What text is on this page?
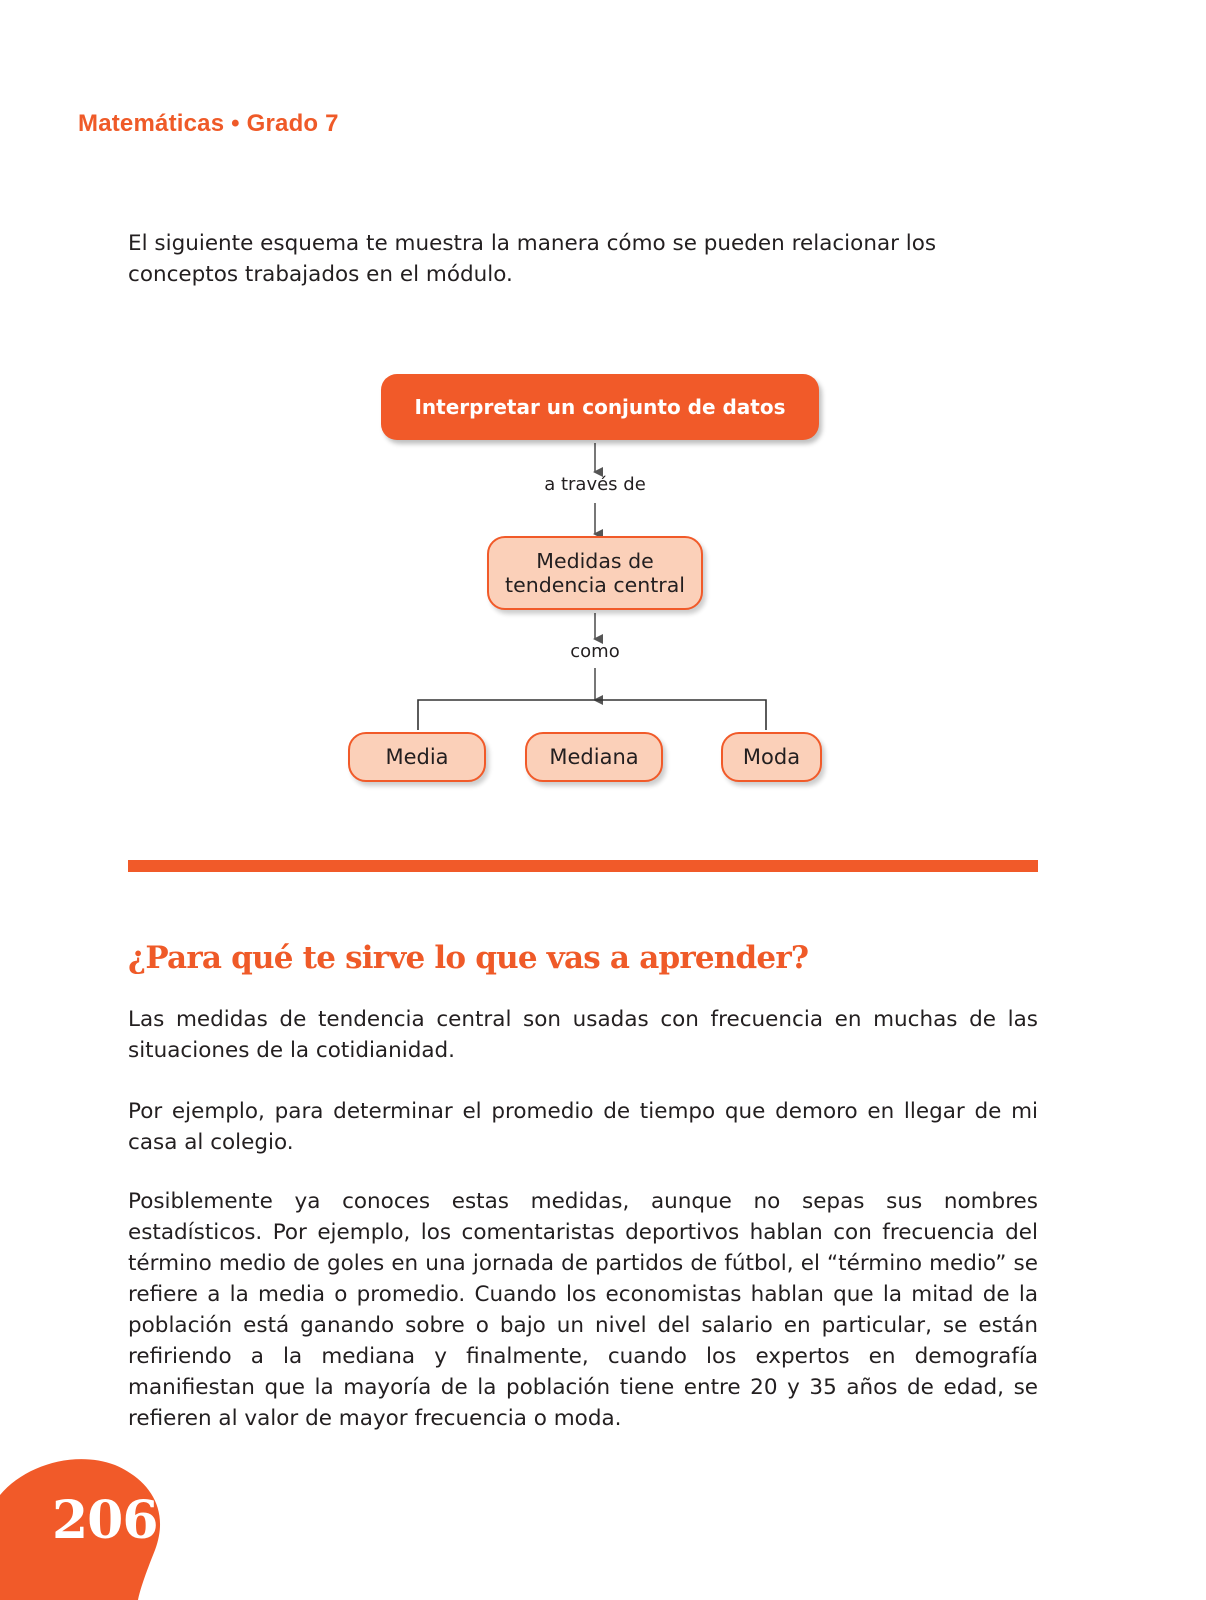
Matemáticas • Grado 7

El siguiente esquema te muestra la manera cómo se pueden relacionar los conceptos trabajados en el módulo.

Interpretar un conjunto de datos
a través de
Medidas de tendencia central
como
Media	Mediana	Moda
¿Para qué te sirve lo que vas a aprender?

Las medidas de tendencia central son usadas con frecuencia en muchas de las situaciones de la cotidianidad.

Por ejemplo, para determinar el promedio de tiempo que demoro en llegar de mi casa al colegio.

Posiblemente ya conoces estas medidas, aunque no sepas sus nombres estadísticos. Por ejemplo, los comentaristas deportivos hablan con frecuencia del término medio de goles en una jornada de partidos de fútbol, el “término medio” se refiere a la media o promedio. Cuando los economistas hablan que la mitad de la población está ganando sobre o bajo un nivel del salario en particular, se están refiriendo a la mediana y finalmente, cuando los expertos en demografía manifiestan que la mayoría de la población tiene entre 20 y 35 años de edad, se refieren al valor de mayor frecuencia o moda.

206
